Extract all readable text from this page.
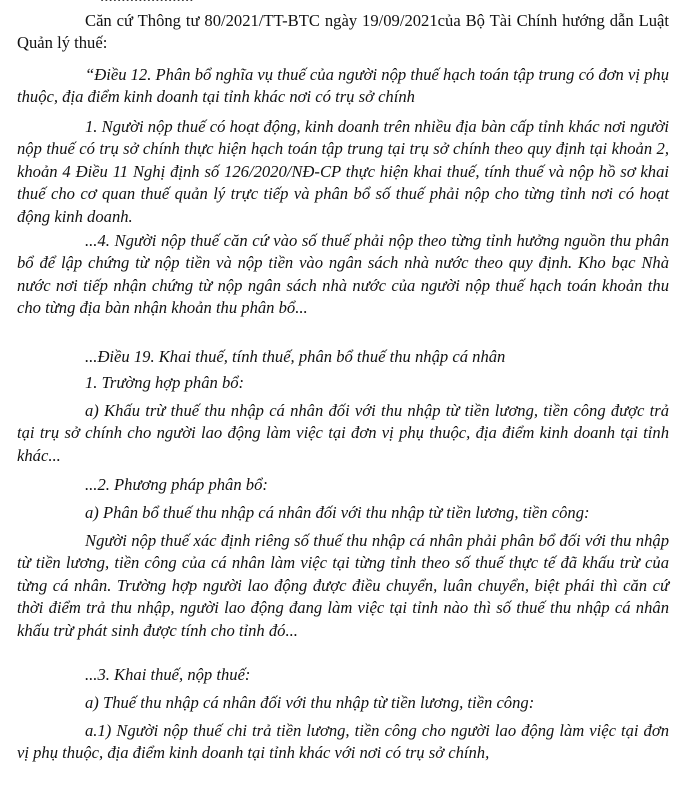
Căn cứ Thông tư 80/2021/TT-BTC ngày 19/09/2021của Bộ Tài Chính hướng dẫn Luật Quản lý thuế:

“Điều 12. Phân bổ nghĩa vụ thuế của người nộp thuế hạch toán tập trung có đơn vị phụ thuộc, địa điểm kinh doanh tại tỉnh khác nơi có trụ sở chính

1. Người nộp thuế có hoạt động, kinh doanh trên nhiều địa bàn cấp tỉnh khác nơi người nộp thuế có trụ sở chính thực hiện hạch toán tập trung tại trụ sở chính theo quy định tại khoản 2, khoản 4 Điều 11 Nghị định số 126/2020/NĐ-CP thực hiện khai thuế, tính thuế và nộp hồ sơ khai thuế cho cơ quan thuế quản lý trực tiếp và phân bổ số thuế phải nộp cho từng tỉnh nơi có hoạt động kinh doanh.

...4. Người nộp thuế căn cứ vào số thuế phải nộp theo từng tỉnh hưởng nguồn thu phân bổ để lập chứng từ nộp tiền và nộp tiền vào ngân sách nhà nước theo quy định. Kho bạc Nhà nước nơi tiếp nhận chứng từ nộp ngân sách nhà nước của người nộp thuế hạch toán khoản thu cho từng địa bàn nhận khoản thu phân bổ...

...Điều 19. Khai thuế, tính thuế, phân bổ thuế thu nhập cá nhân

1. Trường hợp phân bổ:

a) Khấu trừ thuế thu nhập cá nhân đối với thu nhập từ tiền lương, tiền công được trả tại trụ sở chính cho người lao động làm việc tại đơn vị phụ thuộc, địa điểm kinh doanh tại tỉnh khác...

...2. Phương pháp phân bổ:

a) Phân bổ thuế thu nhập cá nhân đối với thu nhập từ tiền lương, tiền công:

Người nộp thuế xác định riêng số thuế thu nhập cá nhân phải phân bổ đối với thu nhập từ tiền lương, tiền công của cá nhân làm việc tại từng tỉnh theo số thuế thực tế đã khấu trừ của từng cá nhân. Trường hợp người lao động được điều chuyển, luân chuyển, biệt phái thì căn cứ thời điểm trả thu nhập, người lao động đang làm việc tại tỉnh nào thì số thuế thu nhập cá nhân khấu trừ phát sinh được tính cho tỉnh đó...

...3. Khai thuế, nộp thuế:

a) Thuế thu nhập cá nhân đối với thu nhập từ tiền lương, tiền công:

a.1) Người nộp thuế chi trả tiền lương, tiền công cho người lao động làm việc tại đơn vị phụ thuộc, địa điểm kinh doanh tại tỉnh khác với nơi có trụ sở chính,
